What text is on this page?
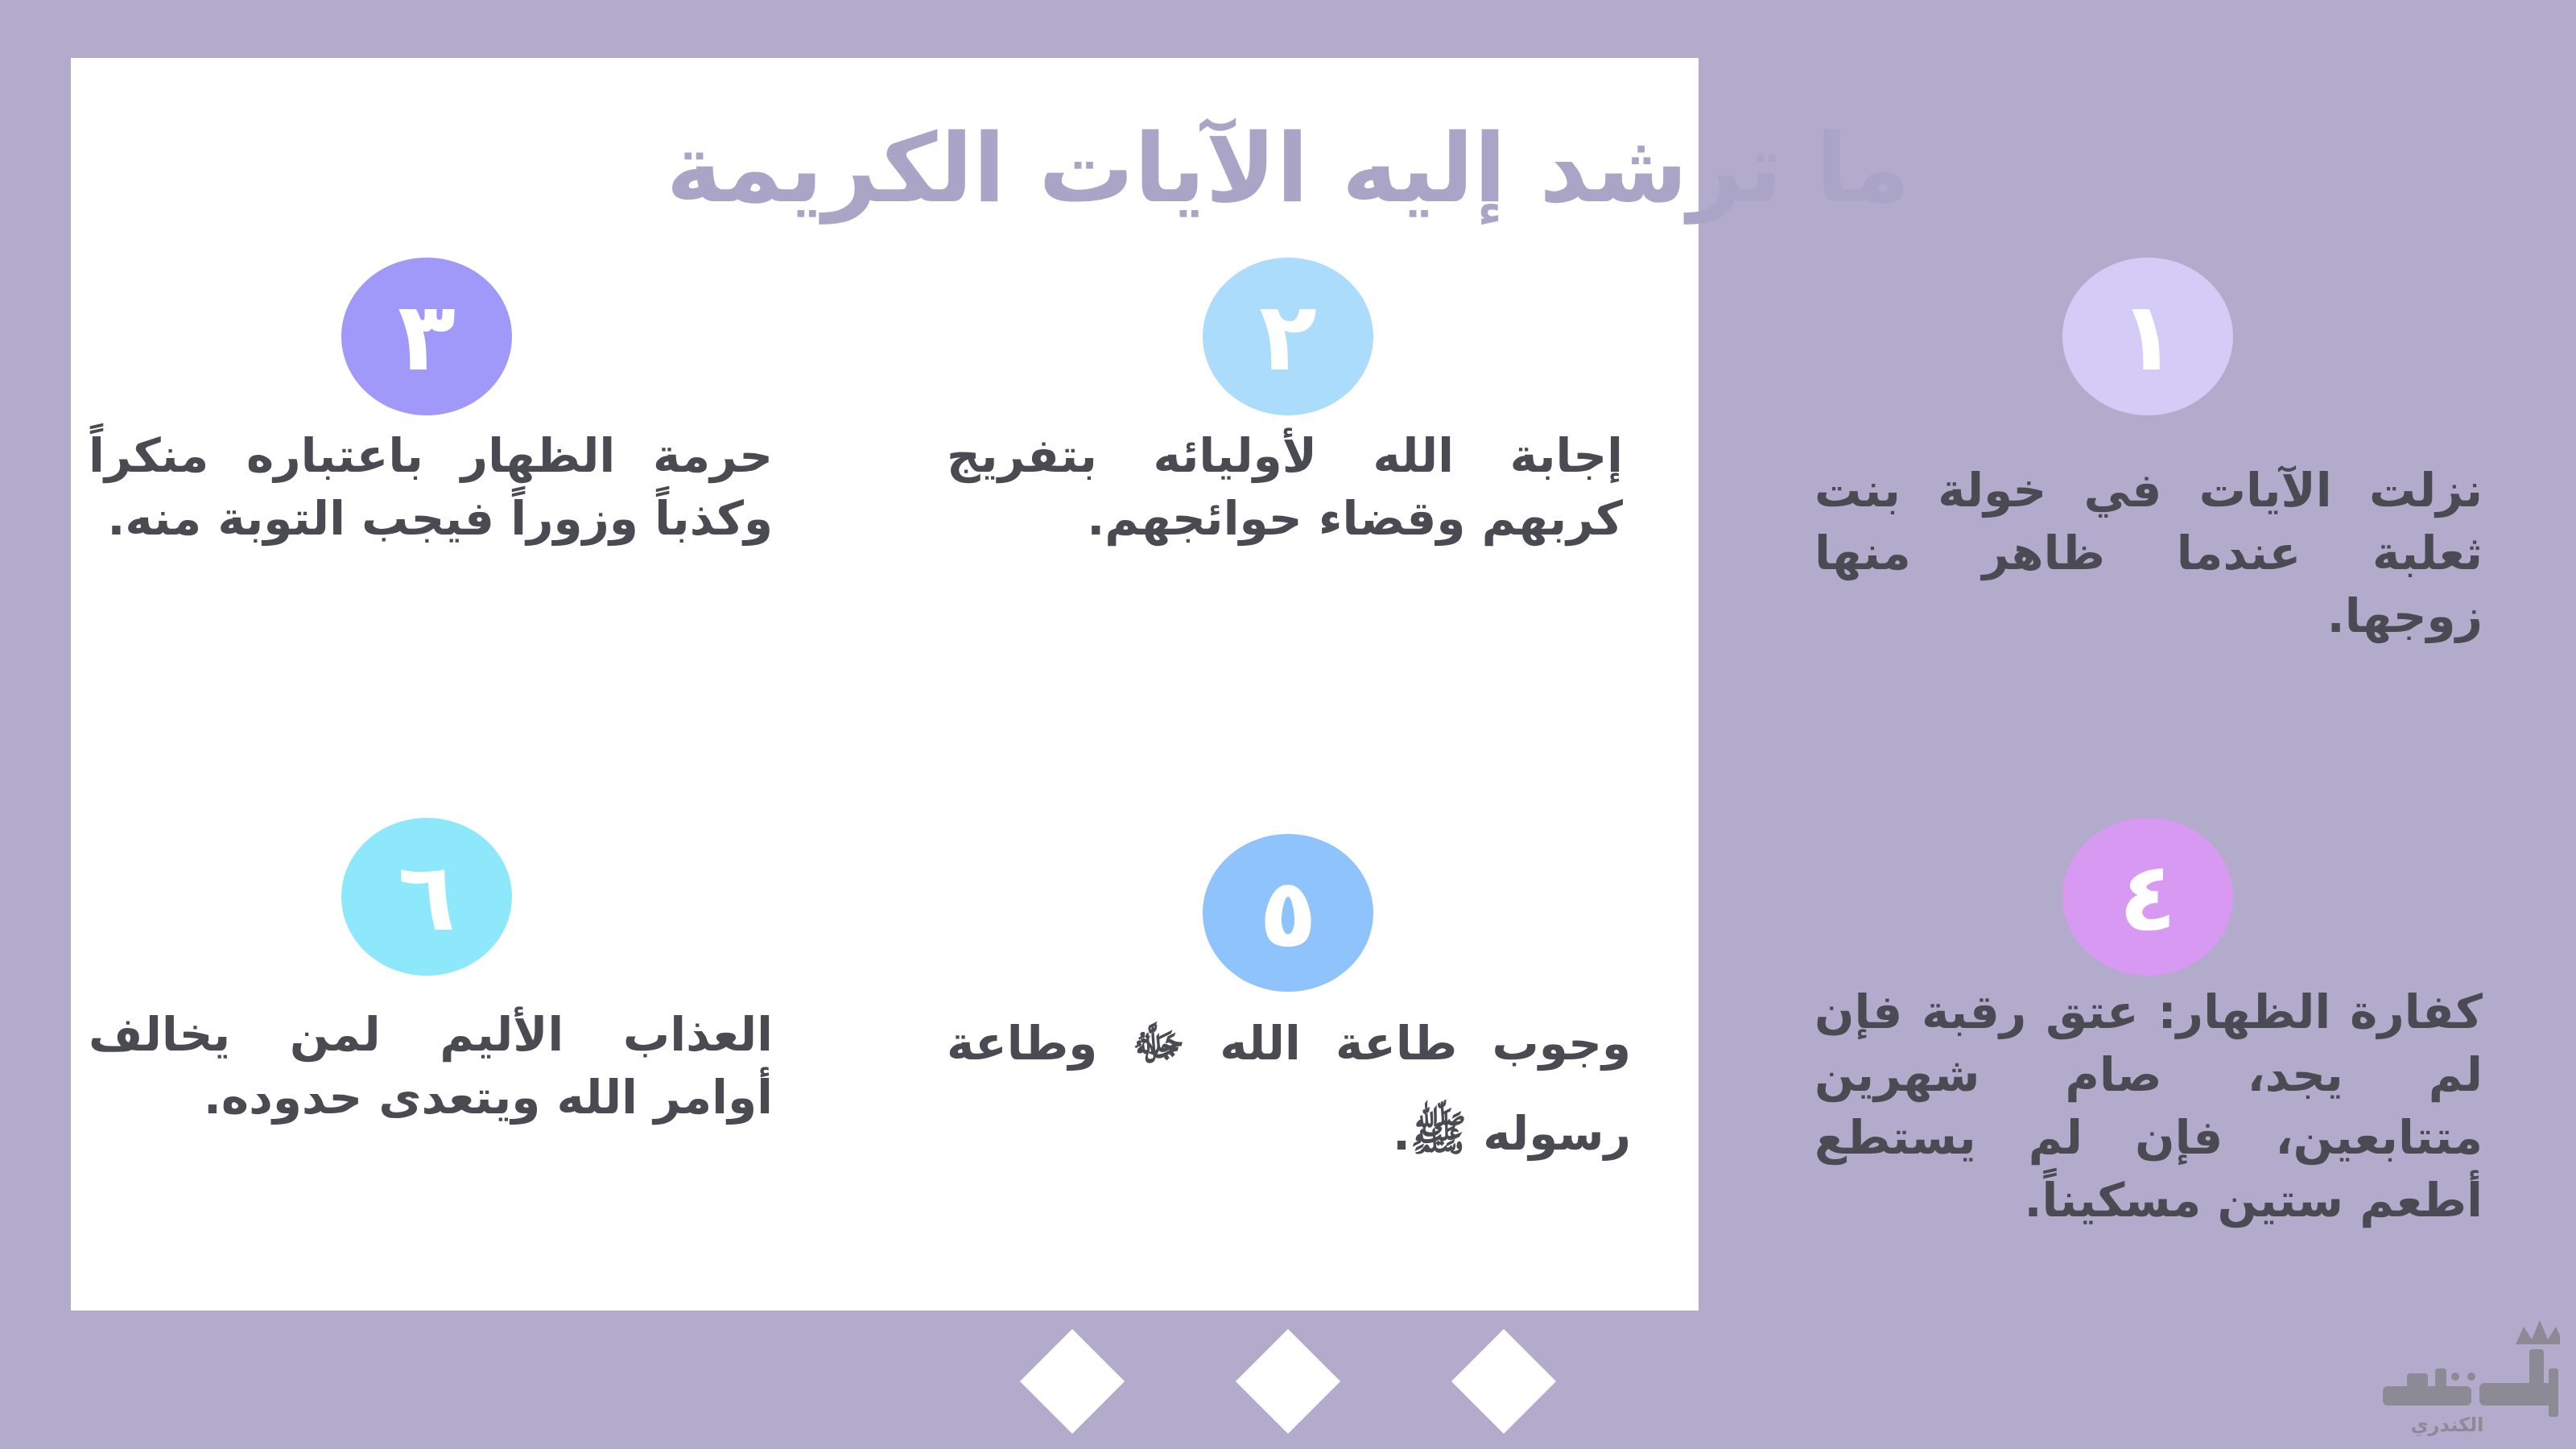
ما ترشد إليه الآيات الكريمة
١
٢
٣
٤
٥
٦
نزلت الآيات في خولة بنت ثعلبة عندما ظاهر منها زوجها.
إجابة الله لأوليائه بتفريج كربهم وقضاء حوائجهم.
حرمة الظهار باعتباره منكراً وكذباً وزوراً فيجب التوبة منه.
كفارة الظهار: عتق رقبة فإن لم يجد، صام شهرين متتابعين، فإن لم يستطع أطعم ستين مسكيناً.
وجوب طاعة الله ﷻ وطاعة رسوله ﷺ.
العذاب الأليم لمن يخالف أوامر الله ويتعدى حدوده.
الكندري
